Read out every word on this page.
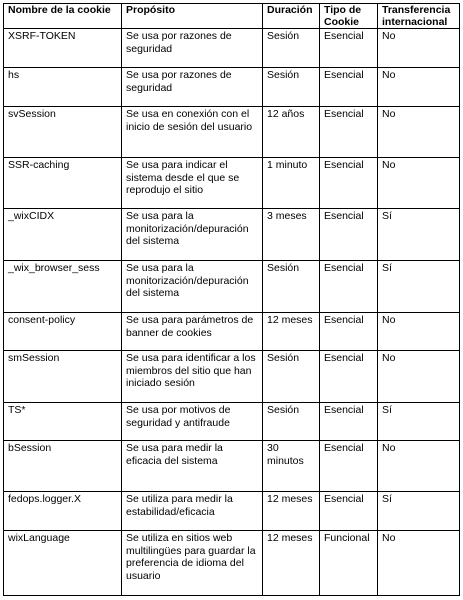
Nombre de la cookie	Propósito	Duración	Tipo de Cookie	Transferencia internacional
XSRF-TOKEN	Se usa por razones de seguridad	Sesión	Esencial	No
hs	Se usa por razones de seguridad	Sesión	Esencial	No
svSession	Se usa en conexión con el inicio de sesión del usuario	12 años	Esencial	No
SSR-caching	Se usa para indicar el sistema desde el que se reprodujo el sitio	1 minuto	Esencial	No
_wixCIDX	Se usa para la monitorización/depuración del sistema	3 meses	Esencial	Sí
_wix_browser_sess	Se usa para la monitorización/depuración del sistema	Sesión	Esencial	Sí
consent-policy	Se usa para parámetros de banner de cookies	12 meses	Esencial	No
smSession	Se usa para identificar a los miembros del sitio que han iniciado sesión	Sesión	Esencial	No
TS*	Se usa por motivos de seguridad y antifraude	Sesión	Esencial	Sí
bSession	Se usa para medir la eficacia del sistema	30 minutos	Esencial	No
fedops.logger.X	Se utiliza para medir la estabilidad/eficacia	12 meses	Esencial	Sí
wixLanguage	Se utiliza en sitios web multilingües para guardar la preferencia de idioma del usuario	12 meses	Funcional	No
